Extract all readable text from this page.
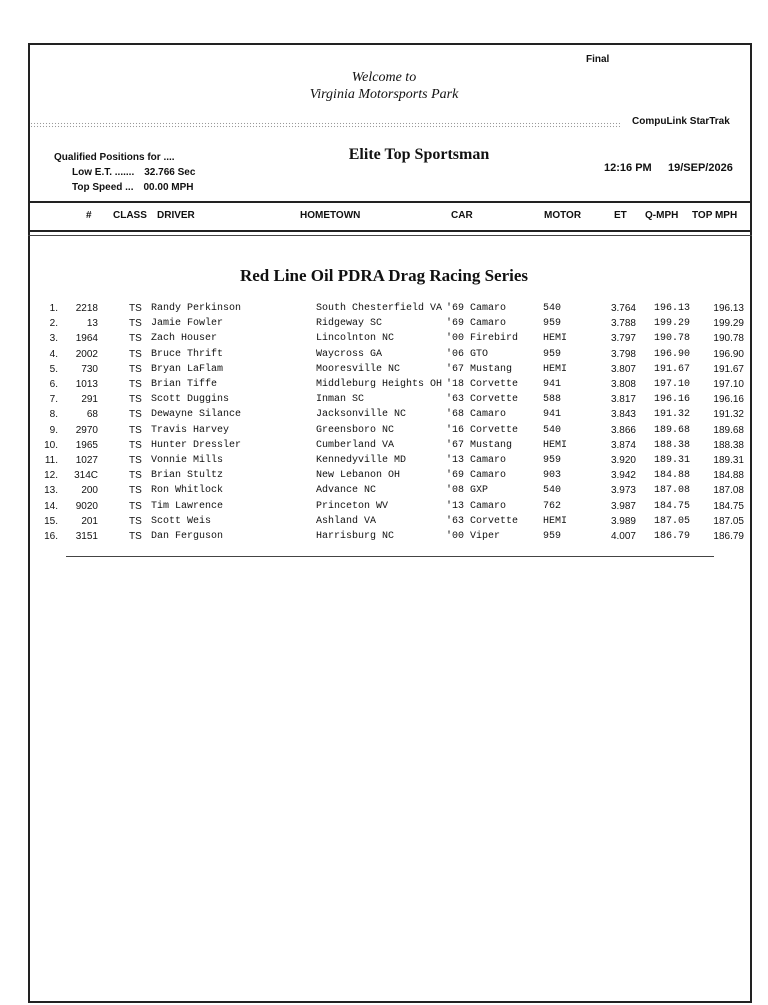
Final
Welcome to
Virginia Motorsports Park
CompuLink StarTrak
Qualified Positions for ....
Low E.T. ....... 32.766 Sec
Top Speed ... 00.00 MPH
Elite Top Sportsman
12:16 PM 19/SEP/2026
# CLASS DRIVER	HOMETOWN	CAR	MOTOR	ET Q-MPH TOP MPH
Red Line Oil PDRA Drag Racing Series
1.	2218	TS Randy Perkinson	South Chesterfield VA '69 Camaro	540	3.764	196.13	196.13
2.	13	TS Jamie Fowler	Ridgeway SC	'69 Camaro	959	3.788	199.29	199.29
3.	1964	TS Zach Houser	Lincolnton NC	'00 Firebird HEMI	3.797	190.78	190.78
4.	2002	TS Bruce Thrift	Waycross GA	'06 GTO	959	3.798	196.90	196.90
5.	730	TS Bryan LaFlam	Mooresville NC	'67 Mustang	HEMI	3.807	191.67	191.67
6.	1013	TS Brian Tiffe	Middleburg Heights OH '18 Corvette 941	3.808	197.10	197.10
7.	291	TS Scott Duggins	Inman SC	'63 Corvette 588	3.817	196.16	196.16
8.	68	TS Dewayne Silance	Jacksonville NC	'68 Camaro	941	3.843	191.32	191.32
9.	2970	TS Travis Harvey	Greensboro NC	'16 Corvette 540	3.866	189.68	189.68
10.	1965	TS Hunter Dressler	Cumberland VA	'67 Mustang	HEMI	3.874	188.38	188.38
11.	1027	TS Vonnie Mills	Kennedyville MD	'13 Camaro	959	3.920	189.31	189.31
12.	314C	TS Brian Stultz	New Lebanon OH	'69 Camaro	903	3.942	184.88	184.88
13.	200	TS Ron Whitlock	Advance NC	'08 GXP	540	3.973	187.08	187.08
14.	9020	TS Tim Lawrence	Princeton WV	'13 Camaro	762	3.987	184.75	184.75
15.	201	TS Scott Weis	Ashland VA	'63 Corvette HEMI	3.989	187.05	187.05
16.	3151	TS Dan Ferguson	Harrisburg NC	'00 Viper	959	4.007	186.79	186.79
